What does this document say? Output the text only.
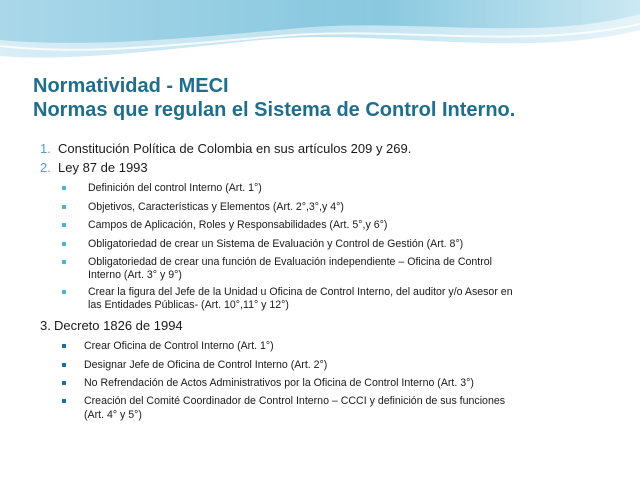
Normatividad - MECI
Normas que regulan el Sistema de Control Interno.
1. Constitución Política de Colombia en sus artículos 209 y 269.
2. Ley 87 de 1993
Definición del control Interno (Art. 1°)
Objetivos, Características y Elementos (Art. 2°,3°,y 4°)
Campos de Aplicación, Roles y Responsabilidades (Art. 5°,y 6°)
Obligatoriedad de crear un Sistema de Evaluación y Control de Gestión (Art. 8°)
Obligatoriedad de crear una función de Evaluación independiente – Oficina de Control
Interno (Art. 3° y 9°)
Crear la figura del Jefe de la Unidad u Oficina de Control Interno, del auditor y/o Asesor en
las Entidades Públicas- (Art. 10°,11° y 12°)
3. Decreto 1826 de 1994
Crear Oficina de Control Interno (Art. 1°)
Designar Jefe de Oficina de Control Interno (Art. 2°)
No Refrendación de Actos Administrativos por la Oficina de Control Interno (Art. 3°)
Creación del Comité Coordinador de Control Interno – CCCI y definición de sus funciones
(Art. 4° y 5°)
